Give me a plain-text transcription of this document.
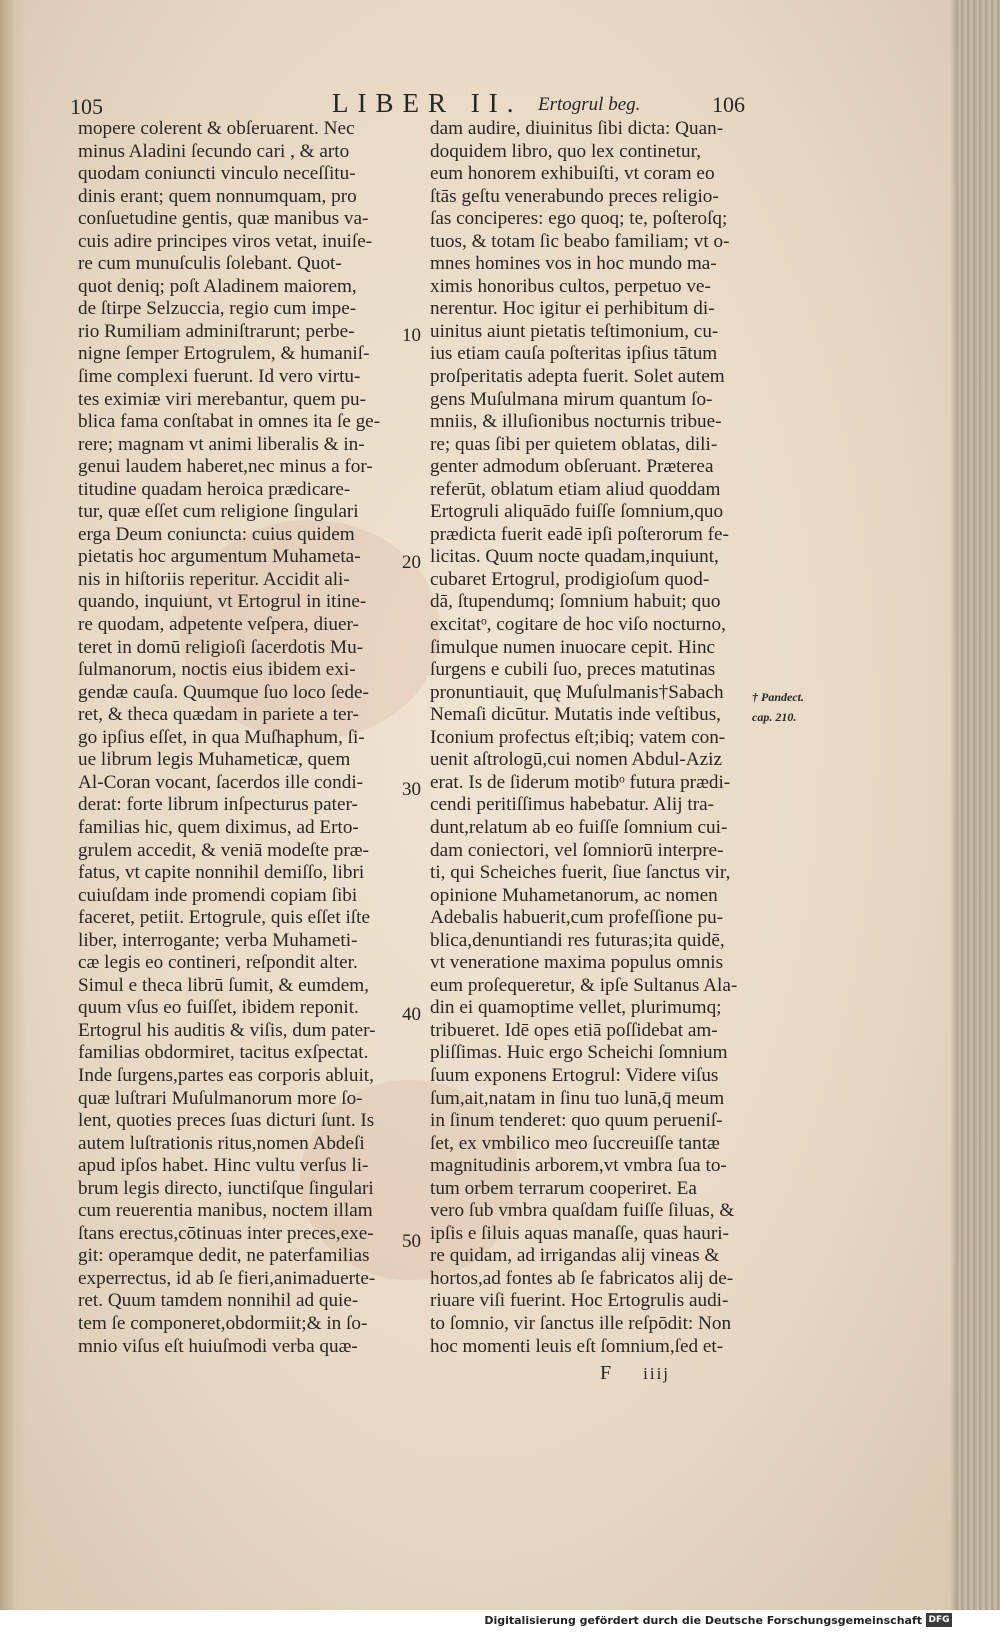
105	LIBER II. Ertogrul beg.	106
mopere colerent & obſeruarent. Nec
minus Aladini ſecundo cari , & arto
quodam coniuncti vinculo neceſſitu-
dinis erant; quem nonnumquam, pro
conſuetudine gentis, quæ manibus va-
cuis adire principes viros vetat, inuiſe-
re cum munuſculis ſolebant. Quot-
quot deniq; poſt Aladinem maiorem,
de ſtirpe Selzuccia, regio cum impe-
rio Rumiliam adminiſtrarunt; perbe-
nigne ſemper Ertogrulem, & humaniſ-
ſime complexi fuerunt. Id vero virtu-
tes eximiæ viri merebantur, quem pu-
blica fama conſtabat in omnes ita ſe ge-
rere; magnam vt animi liberalis & in-
genui laudem haberet,nec minus a for-
titudine quadam heroica prædicare-
tur, quæ eſſet cum religione ſingulari
erga Deum coniuncta: cuius quidem
pietatis hoc argumentum Muhameta-
nis in hiſtoriis reperitur. Accidit ali-
quando, inquiunt, vt Ertogrul in itine-
re quodam, adpetente veſpera, diuer-
teret in domū religioſi ſacerdotis Mu-
ſulmanorum, noctis eius ibidem exi-
gendæ cauſa. Quumque ſuo loco ſede-
ret, & theca quædam in pariete a ter-
go ipſius eſſet, in qua Muſhaphum, ſi-
ue librum legis Muhameticæ, quem
Al-Coran vocant, ſacerdos ille condi-
derat: forte librum inſpecturus pater-
familias hic, quem diximus, ad Erto-
grulem accedit, & veniā modeſte præ-
fatus, vt capite nonnihil demiſſo, libri
cuiuſdam inde promendi copiam ſibi
faceret, petiit. Ertogrule, quis eſſet iſte
liber, interrogante; verba Muhameti-
cæ legis eo contineri, reſpondit alter.
Simul e theca librū ſumit, & eumdem,
quum vſus eo fuiſſet, ibidem reponit.
Ertogrul his auditis & viſis, dum pater-
familias obdormiret, tacitus exſpectat.
Inde ſurgens,partes eas corporis abluit,
quæ luſtrari Muſulmanorum more ſo-
lent, quoties preces ſuas dicturi ſunt. Is
autem luſtrationis ritus,nomen Abdeſi
apud ipſos habet. Hinc vultu verſus li-
brum legis directo, iunctiſque ſingulari
cum reuerentia manibus, noctem illam
ſtans erectus,cōtinuas inter preces,exe-
git: operamque dedit, ne paterfamilias
experrectus, id ab ſe fieri,animaduerte-
ret. Quum tamdem nonnihil ad quie-
tem ſe componeret,obdormiit;& in ſo-
mnio viſus eſt huiuſmodi verba quæ-
dam audire, diuinitus ſibi dicta: Quan-
doquidem libro, quo lex continetur,
eum honorem exhibuiſti, vt coram eo
ſtās geſtu venerabundo preces religio-
ſas conciperes: ego quoq; te, poſteroſq;
tuos, & totam ſic beabo familiam; vt o-
mnes homines vos in hoc mundo ma-
ximis honoribus cultos, perpetuo ve-
nerentur. Hoc igitur ei perhibitum di-
uinitus aiunt pietatis teſtimonium, cu-
ius etiam cauſa poſteritas ipſius tātum
proſperitatis adepta fuerit. Solet autem
gens Muſulmana mirum quantum ſo-
mniis, & illuſionibus nocturnis tribue-
re; quas ſibi per quietem oblatas, dili-
genter admodum obſeruant. Præterea
referūt, oblatum etiam aliud quoddam
Ertogruli aliquādo fuiſſe ſomnium,quo
prædicta fuerit eadē ipſi poſterorum fe-
licitas. Quum nocte quadam,inquiunt,
cubaret Ertogrul, prodigioſum quod-
dā, ſtupendumq; ſomnium habuit; quo
excitatᵒ, cogitare de hoc viſo nocturno,
ſimulque numen inuocare cepit. Hinc
ſurgens e cubili ſuo, preces matutinas
pronuntiauit, quę Muſulmanis†Sabach
Nemaſi dicūtur. Mutatis inde veſtibus,
Iconium profectus eſt;ibiq; vatem con-
uenit aſtrologū,cui nomen Abdul-Aziz
erat. Is de ſiderum motibᵒ futura prædi-
cendi peritiſſimus habebatur. Alij tra-
dunt,relatum ab eo fuiſſe ſomnium cui-
dam coniectori, vel ſomniorū interpre-
ti, qui Scheiches fuerit, ſiue ſanctus vir,
opinione Muhametanorum, ac nomen
Adebalis habuerit,cum profeſſione pu-
blica,denuntiandi res futuras;ita quidē,
vt veneratione maxima populus omnis
eum proſequeretur, & ipſe Sultanus Ala-
din ei quamoptime vellet, plurimumq;
tribueret. Idē opes etiā poſſidebat am-
pliſſimas. Huic ergo Scheichi ſomnium
ſuum exponens Ertogrul: Videre viſus
ſum,ait,natam in ſinu tuo lunā,q̄ meum
in ſinum tenderet: quo quum perueniſ-
ſet, ex vmbilico meo ſuccreuiſſe tantæ
magnitudinis arborem,vt vmbra ſua to-
tum orbem terrarum cooperiret. Ea
vero ſub vmbra quaſdam fuiſſe ſiluas, &
ipſis e ſiluis aquas manaſſe, quas hauri-
re quidam, ad irrigandas alij vineas &
hortos,ad fontes ab ſe fabricatos alij de-
riuare viſi fuerint. Hoc Ertogrulis audi-
to ſomnio, vir ſanctus ille reſpōdit: Non
hoc momenti leuis eſt ſomnium,ſed et-
10
20
30
40
50
† Pandect.
cap. 210.
F iiij
Digitalisierung gefördert durch die Deutsche Forschungsgemeinschaft DFG
